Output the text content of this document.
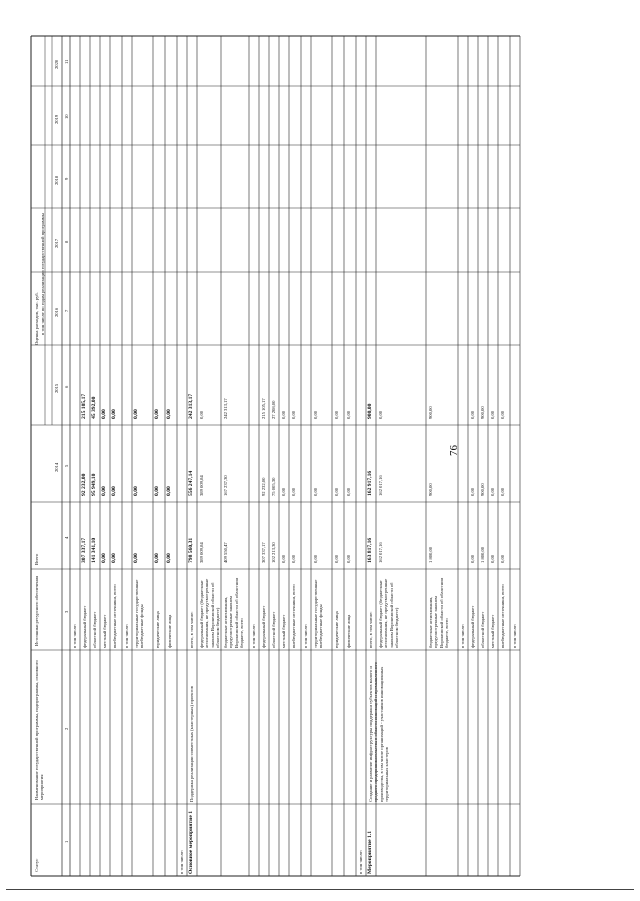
76
Оценка расходов, тыс. руб. в том числе по годам реализации государственной программы
Статус
1
Наименование государственной программы, подпрограммы, основного мероприятия
2
Источники ресурсного обеспечения	3
Всего
4
2014 5
2015 6
2016 7
2017 8
2018 9
2019 10
2020 11
в том числе: федеральный бюджет
307 337,17
92 232,00
215 105,17
областной бюджет
141 341,10
95 949,10
45 392,00
местный бюджет
0,00
0,00
0,00
внебюджетные источники, всего
0,00
0,00
0,00
в том числе: территориальные государственные внебюджетные фонды
0,00
0,00
0,00
юридические лица
0,00
0,00
0,00
физические лица
0,00
0,00
0,00
в том числе: Основное мероприятие 1
Поддержка реализации совместных (кластерных) проектов
всего, в том числе:
798 560,31
556 247,14
242 313,17
федеральный бюджет (бюджетные ассигнования, не предусмотренные законом Воронежской области об областном бюджете)
389 009,84
389 009,84
0,00
бюджетные ассигнования, предусмотренные законом Воронежской области об областном бюджете, всего
409 550,47
167 237,30
242 313,17
в том числе: федеральный бюджет
307 337,17
92 232,00
215 105,17
областной бюджет
102 213,30
75 005,30
27 208,00
местный бюджет
0,00
0,00
0,00
внебюджетные источники, всего
0,00
0,00
0,00
в том числе: территориальные государственные внебюджетные фонды
0,00
0,00
0,00
юридические лица
0,00
0,00
0,00
физические лица
0,00
0,00
0,00
в том числе: Мероприятие 1.1
Создание и развитие инфраструктуры поддержки субъектов малого и среднего предпринимательства в области инноваций и промышленного производства, в том числе организаций - участников инновационных территориальных кластеров
всего, в том числе:
163 817,16
162 917,16
900,00
федеральный бюджет (бюджетные ассигнования, не предусмотренные законом Воронежской области об областном бюджете)
162 017,16
162 017,16
0,00
бюджетные ассигнования, предусмотренные законом Воронежской области об областном бюджете, всего
1 800,00
900,00
900,00
в том числе: федеральный бюджет
0,00
0,00
0,00
областной бюджет
1 800,00
900,00
900,00
местный бюджет
0,00
0,00
0,00
внебюджетные источники, всего
0,00
0,00
0,00
в том числе:
